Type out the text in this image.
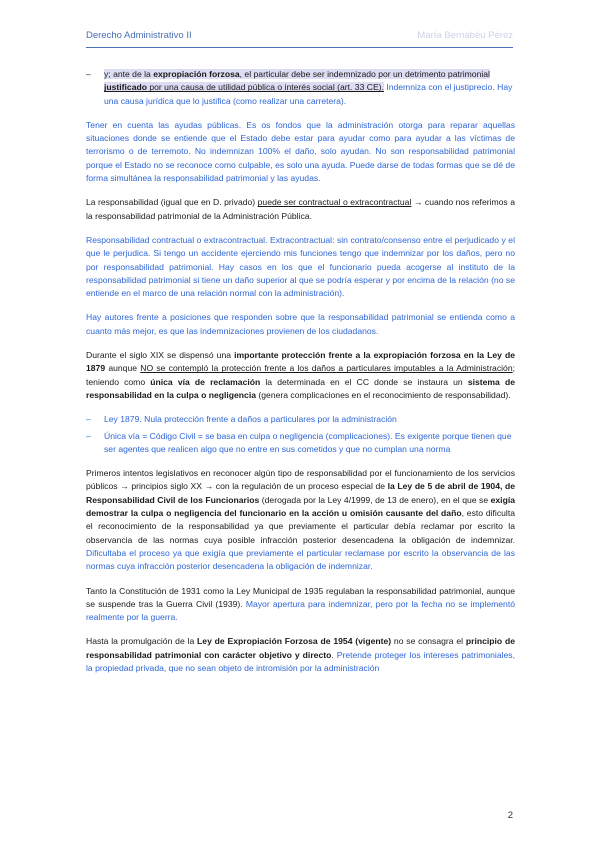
Derecho Administrativo II	María Bernabéu Pérez
– y; ante de la expropiación forzosa, el particular debe ser indemnizado por un detrimento patrimonial justificado por una causa de utilidad pública o interés social (art. 33 CE). Indemniza con el justiprecio. Hay una causa jurídica que lo justifica (como realizar una carretera).

Tener en cuenta las ayudas públicas. Es os fondos que la administración otorga para reparar aquellas situaciones donde se entiende que el Estado debe estar para ayudar como para ayudar a las víctimas de terrorismo o de terremoto. No indemnizan 100% el daño, solo ayudan. No son responsabilidad patrimonial porque el Estado no se reconoce como culpable, es solo una ayuda. Puede darse de todas formas que se dé de forma simultánea la responsabilidad patrimonial y las ayudas.

La responsabilidad (igual que en D. privado) puede ser contractual o extracontractual → cuando nos referimos a la responsabilidad patrimonial de la Administración Pública.

Responsabilidad contractual o extracontractual. Extracontractual: sin contrato/consenso entre el perjudicado y el que le perjudica. Si tengo un accidente ejerciendo mis funciones tengo que indemnizar por los daños, pero no por responsabilidad patrimonial. Hay casos en los que el funcionario pueda acogerse al instituto de la responsabilidad patrimonial si tiene un daño superior al que se podría esperar y por encima de la relación (no se entiende en el marco de una relación normal con la administración).

Hay autores frente a posiciones que responden sobre que la responsabilidad patrimonial se entienda como a cuanto más mejor, es que las indemnizaciones provienen de los ciudadanos.

Durante el siglo XIX se dispensó una importante protección frente a la expropiación forzosa en la Ley de 1879 aunque NO se contempló la protección frente a los daños a particulares imputables a la Administración; teniendo como única vía de reclamación la determinada en el CC donde se instaura un sistema de responsabilidad en la culpa o negligencia (genera complicaciones en el reconocimiento de responsabilidad).

– Ley 1879. Nula protección frente a daños a particulares por la administración
– Única vía = Código Civil = se basa en culpa o negligencia (complicaciones). Es exigente porque tienen que ser agentes que realicen algo que no entre en sus cometidos y que no cumplan una norma

Primeros intentos legislativos en reconocer algún tipo de responsabilidad por el funcionamiento de los servicios públicos → principios siglo XX → con la regulación de un proceso especial de la Ley de 5 de abril de 1904, de Responsabilidad Civil de los Funcionarios (derogada por la Ley 4/1999, de 13 de enero), en el que se exigía demostrar la culpa o negligencia del funcionario en la acción u omisión causante del daño, esto dificulta el reconocimiento de la responsabilidad ya que previamente el particular debía reclamar por escrito la observancia de las normas cuya posible infracción posterior desencadena la obligación de indemnizar. Dificultaba el proceso ya que exigía que previamente el particular reclamase por escrito la observancia de las normas cuya infracción posterior desencadena la obligación de indemnizar.

Tanto la Constitución de 1931 como la Ley Municipal de 1935 regulaban la responsabilidad patrimonial, aunque se suspende tras la Guerra Civil (1939). Mayor apertura para indemnizar, pero por la fecha no se implementó realmente por la guerra.

Hasta la promulgación de la Ley de Expropiación Forzosa de 1954 (vigente) no se consagra el principio de responsabilidad patrimonial con carácter objetivo y directo. Pretende proteger los intereses patrimoniales, la propiedad privada, que no sean objeto de intromisión por la administración

2
